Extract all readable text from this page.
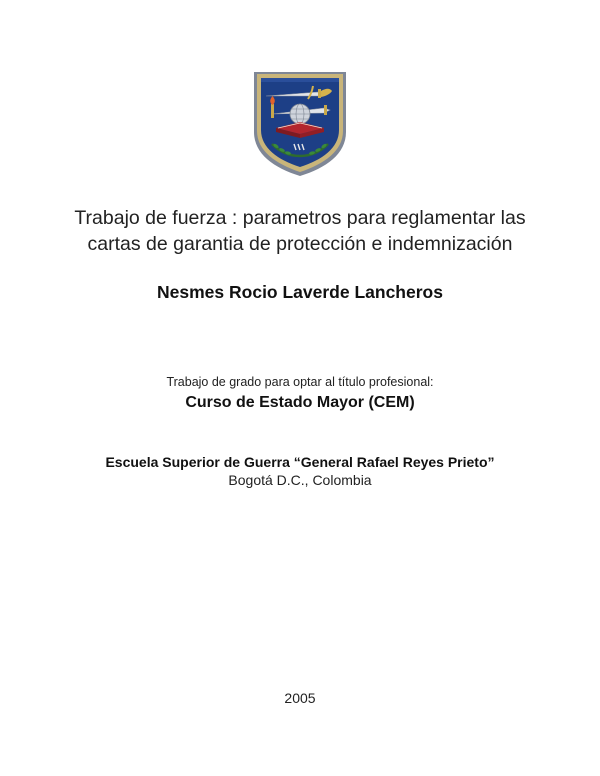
Trabajo de fuerza : parametros para reglamentar las
cartas de garantia de protección e indemnización
Nesmes Rocio Laverde Lancheros
Trabajo de grado para optar al título profesional:
Curso de Estado Mayor (CEM)
Escuela Superior de Guerra “General Rafael Reyes Prieto”
Bogotá D.C., Colombia
2005
